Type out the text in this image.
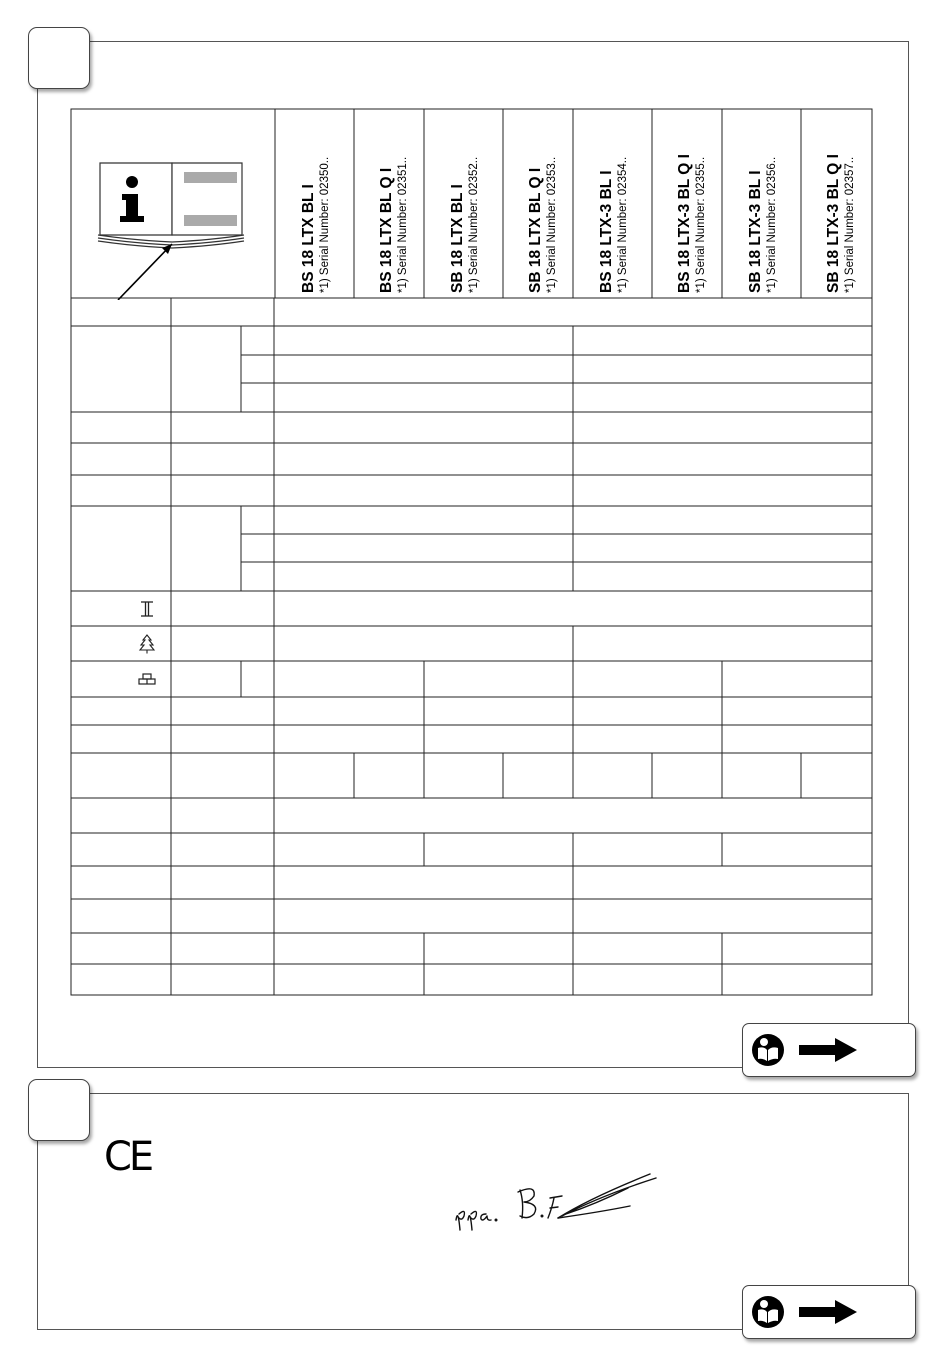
BS 18 LTX BL I *1) Serial Number: 02350..	BS 18 LTX BL Q I *1) Serial Number: 02351..	SB 18 LTX BL I *1) Serial Number: 02352..	SB 18 LTX BL Q I *1) Serial Number: 02353..	BS 18 LTX-3 BL I *1) Serial Number: 02354..	BS 18 LTX-3 BL Q I *1) Serial Number: 02355..	SB 18 LTX-3 BL I *1) Serial Number: 02356..	SB 18 LTX-3 BL Q I *1) Serial Number: 02357..
CE
